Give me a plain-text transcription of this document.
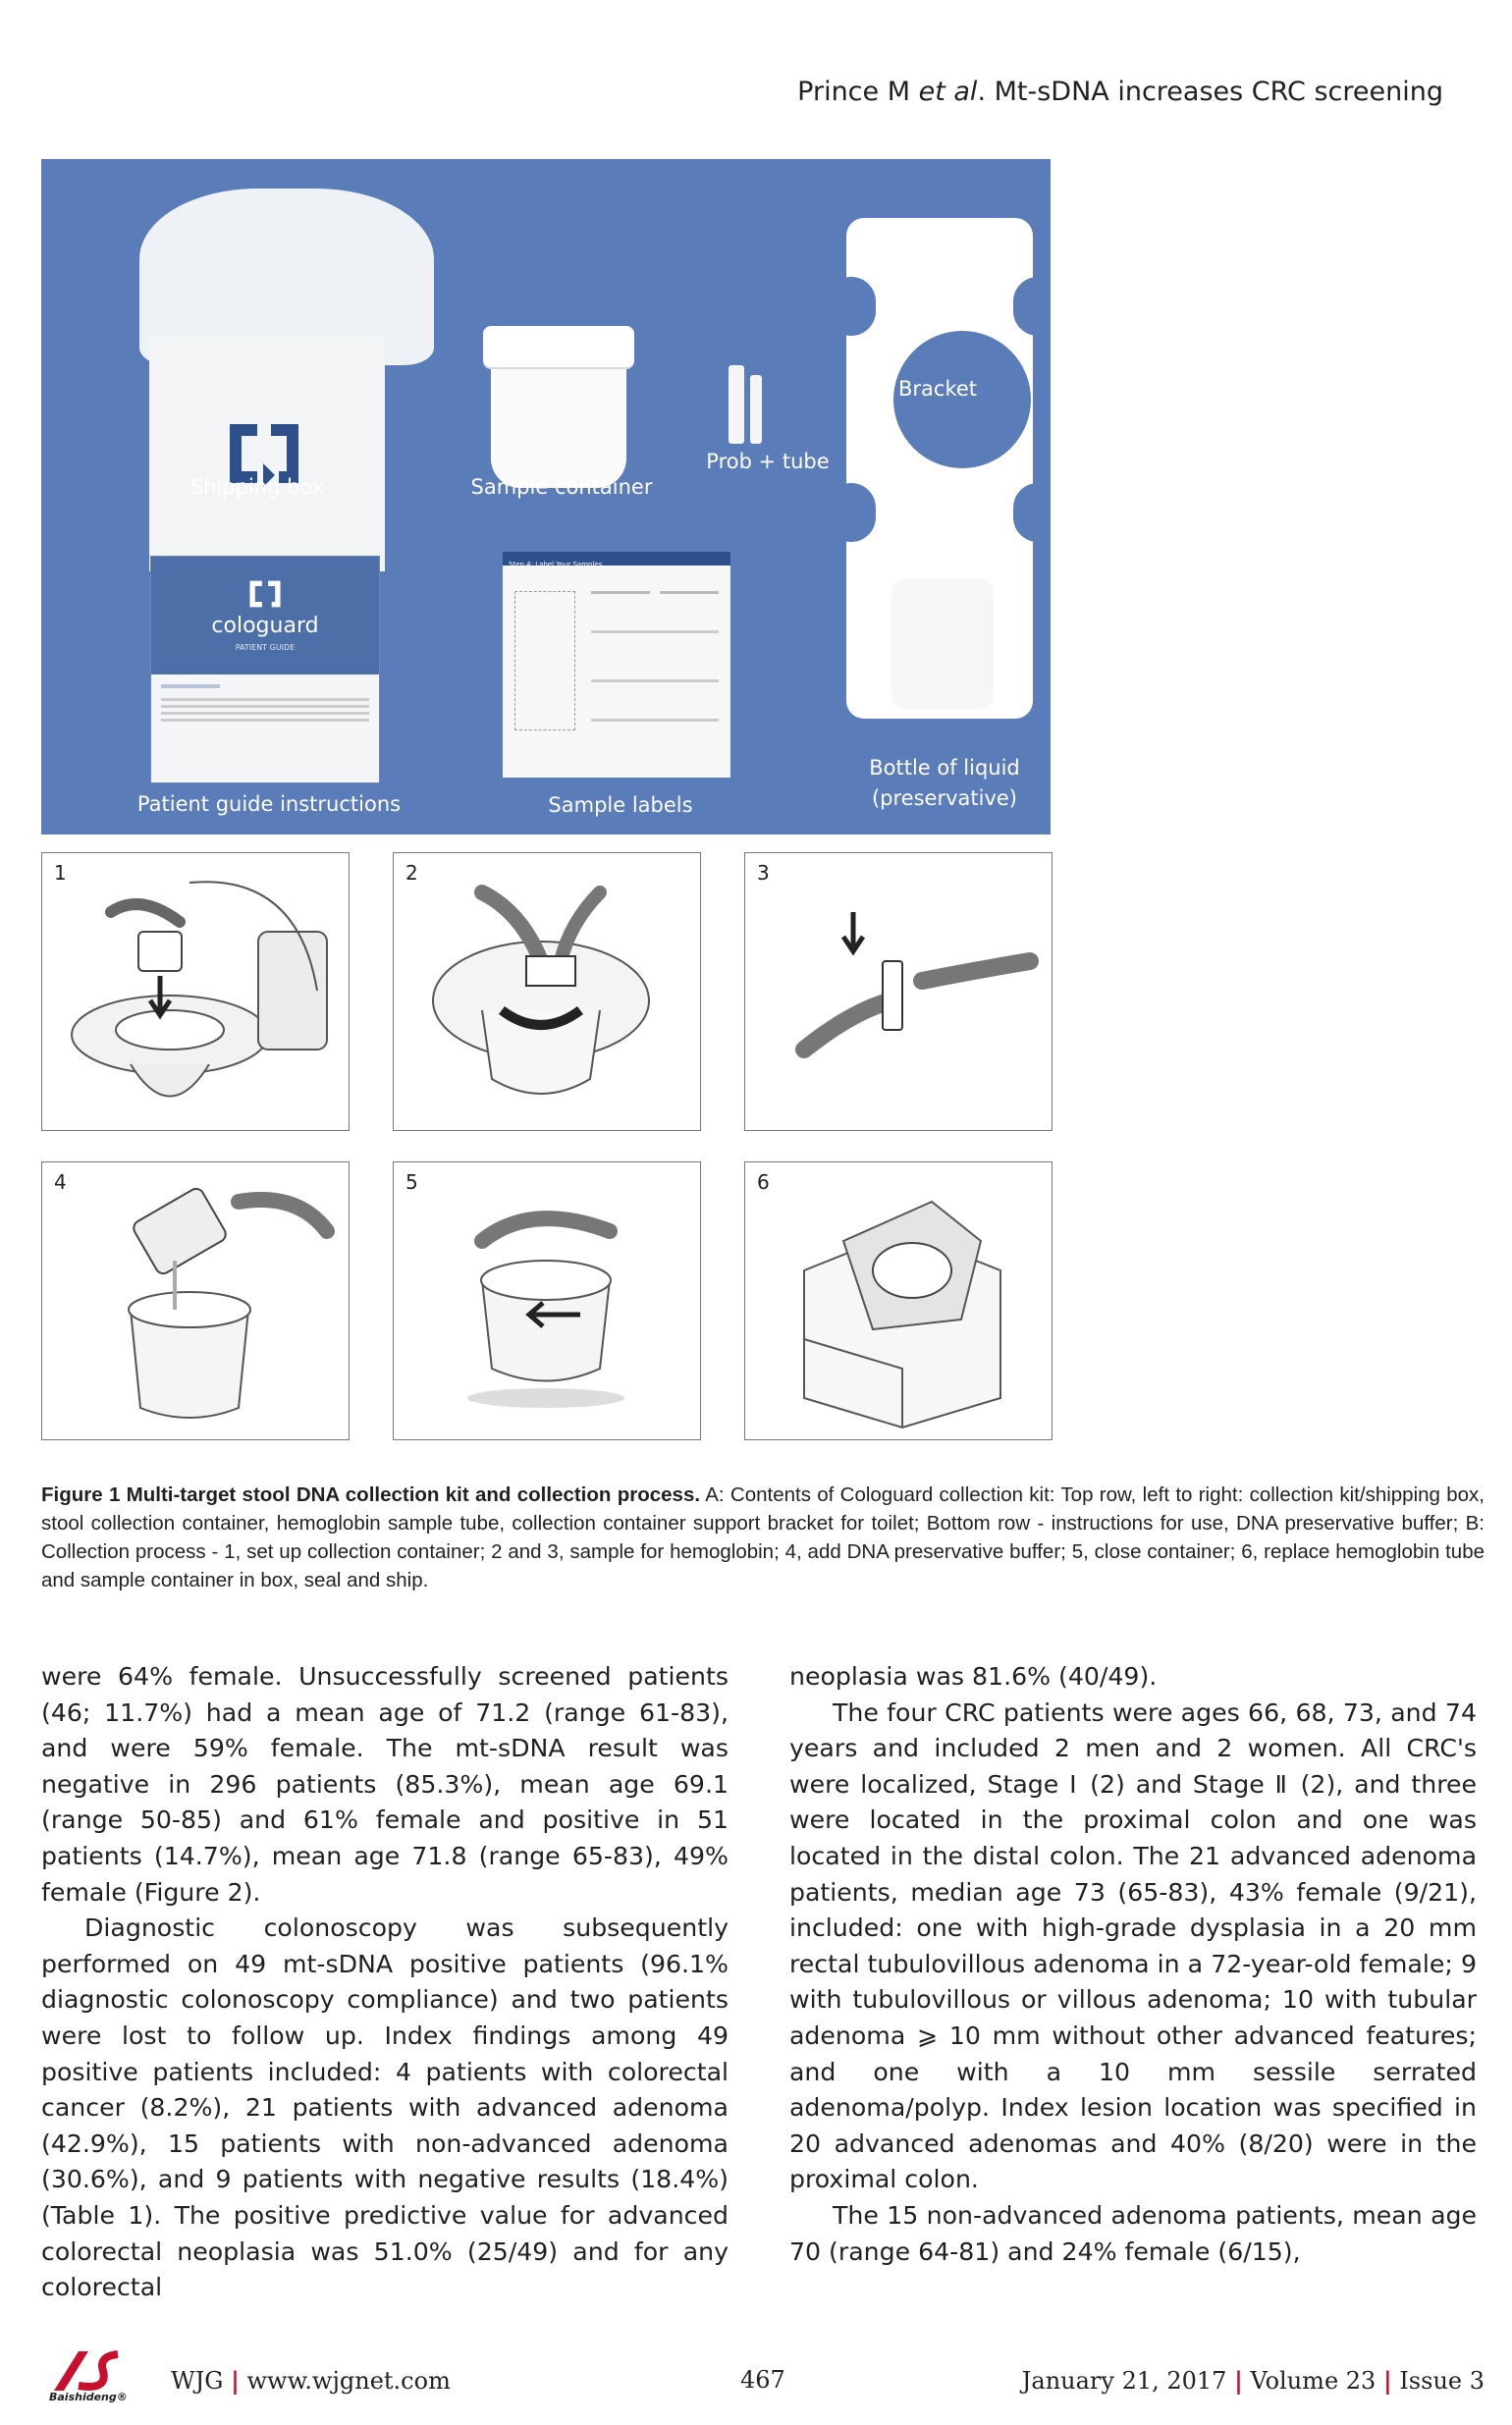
Prince M et al. Mt-sDNA increases CRC screening
Shipping box	Sample container
Prob + tube
Bracket
cologuard
PATIENT GUIDE
Patient guide instructions
Step 4: Label Your Samples
Sample labels
Bottle of liquid
(preservative)
1	2	3
4	5	6
Figure 1 Multi-target stool DNA collection kit and collection process. A: Contents of Cologuard collection kit: Top row, left to right: collection kit/shipping box, stool collection container, hemoglobin sample tube, collection container support bracket for toilet; Bottom row - instructions for use, DNA preservative buffer; B: Collection process - 1, set up collection container; 2 and 3, sample for hemoglobin; 4, add DNA preservative buffer; 5, close container; 6, replace hemoglobin tube and sample container in box, seal and ship.

were 64% female. Unsuccessfully screened patients (46; 11.7%) had a mean age of 71.2 (range 61-83), and were 59% female. The mt-sDNA result was negative in 296 patients (85.3%), mean age 69.1 (range 50-85) and 61% female and positive in 51 patients (14.7%), mean age 71.8 (range 65-83), 49% female (Figure 2).

Diagnostic colonoscopy was subsequently performed on 49 mt-sDNA positive patients (96.1% diagnostic colonoscopy compliance) and two patients were lost to follow up. Index findings among 49 positive patients included: 4 patients with colorectal cancer (8.2%), 21 patients with advanced adenoma (42.9%), 15 patients with non-advanced adenoma (30.6%), and 9 patients with negative results (18.4%) (Table 1). The positive predictive value for advanced colorectal neoplasia was 51.0% (25/49) and for any colorectal

neoplasia was 81.6% (40/49).

The four CRC patients were ages 66, 68, 73, and 74 years and included 2 men and 2 women. All CRC's were localized, Stage Ⅰ (2) and Stage Ⅱ (2), and three were located in the proximal colon and one was located in the distal colon. The 21 advanced adenoma patients, median age 73 (65-83), 43% female (9/21), included: one with high-grade dysplasia in a 20 mm rectal tubulovillous adenoma in a 72-year-old female; 9 with tubulovillous or villous adenoma; 10 with tubular adenoma ⩾ 10 mm without other advanced features; and one with a 10 mm sessile serrated adenoma/polyp. Index lesion location was specified in 20 advanced adenomas and 40% (8/20) were in the proximal colon.

The 15 non-advanced adenoma patients, mean age 70 (range 64-81) and 24% female (6/15),

Baishideng®
WJG | www.wjgnet.com	467	January 21, 2017 | Volume 23 | Issue 3
